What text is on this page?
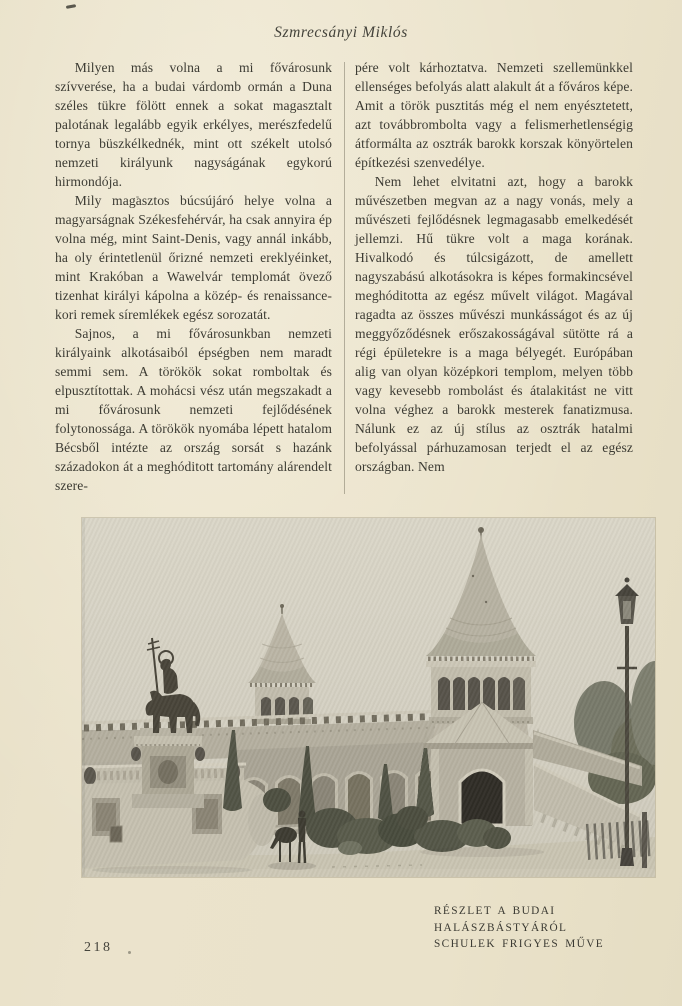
Szmrecsányi Miklós

Milyen más volna a mi fővárosunk szívverése, ha a budai várdomb ormán a Duna széles tükre fölött ennek a sokat magasztalt palotának legalább egyik erkélyes, merészfedelű tornya büszkélkednék, mint ott székelt utolsó nemzeti királyunk nagyságának egykorú hirmondója.

Mily magasztos búcsújáró helye volna a magyarságnak Székesfehérvár, ha csak annyira ép volna még, mint Saint-Denis, vagy annál inkább, ha oly érintetlenül őrizné nemzeti ereklyéinket, mint Krakóban a Wawelvár templomát övező tizenhat királyi kápolna a közép- és renaissance-kori remek síremlékek egész sorozatát.

Sajnos, a mi fővárosunkban nemzeti királyaink alkotásaiból épségben nem maradt semmi sem. A törökök sokat romboltak és elpusztítottak. A mohácsi vész után megszakadt a mi fővárosunk nemzeti fejlődésének folytonossága. A törökök nyomába lépett hatalom Bécsből intézte az ország sorsát s hazánk századokon át a meghóditott tartomány alárendelt szere-

pére volt kárhoztatva. Nemzeti szellemünkkel ellenséges befolyás alatt alakult át a főváros képe. Amit a török pusztitás még el nem enyésztetett, azt továbbrombolta vagy a felismerhetlenségig átformálta az osztrák barokk korszak könyörtelen építkezési szenvedélye.

Nem lehet elvitatni azt, hogy a barokk művészetben megvan az a nagy vonás, mely a művészeti fejlődésnek legmagasabb emelkedését jellemzi. Hű tükre volt a maga korának. Hivalkodó és túlcsigázott, de amellett nagyszabású alkotásokra is képes formakincsével meghóditotta az egész művelt világot. Magával ragadta az összes művészi munkásságot és az új meggyőződésnek erőszakosságával sütötte rá a régi épületekre is a maga bélyegét. Európában alig van olyan középkori templom, melyen több vagy kevesebb rombolást és átalakitást ne vitt volna véghez a barokk mesterek fanatizmusa. Nálunk ez az új stílus az osztrák hatalmi befolyással párhuzamosan terjedt el az egész országban. Nem

RÉSZLET A BUDAI HALÁSZBÁSTYÁRÓL
SCHULEK FRIGYES MŰVE
218
